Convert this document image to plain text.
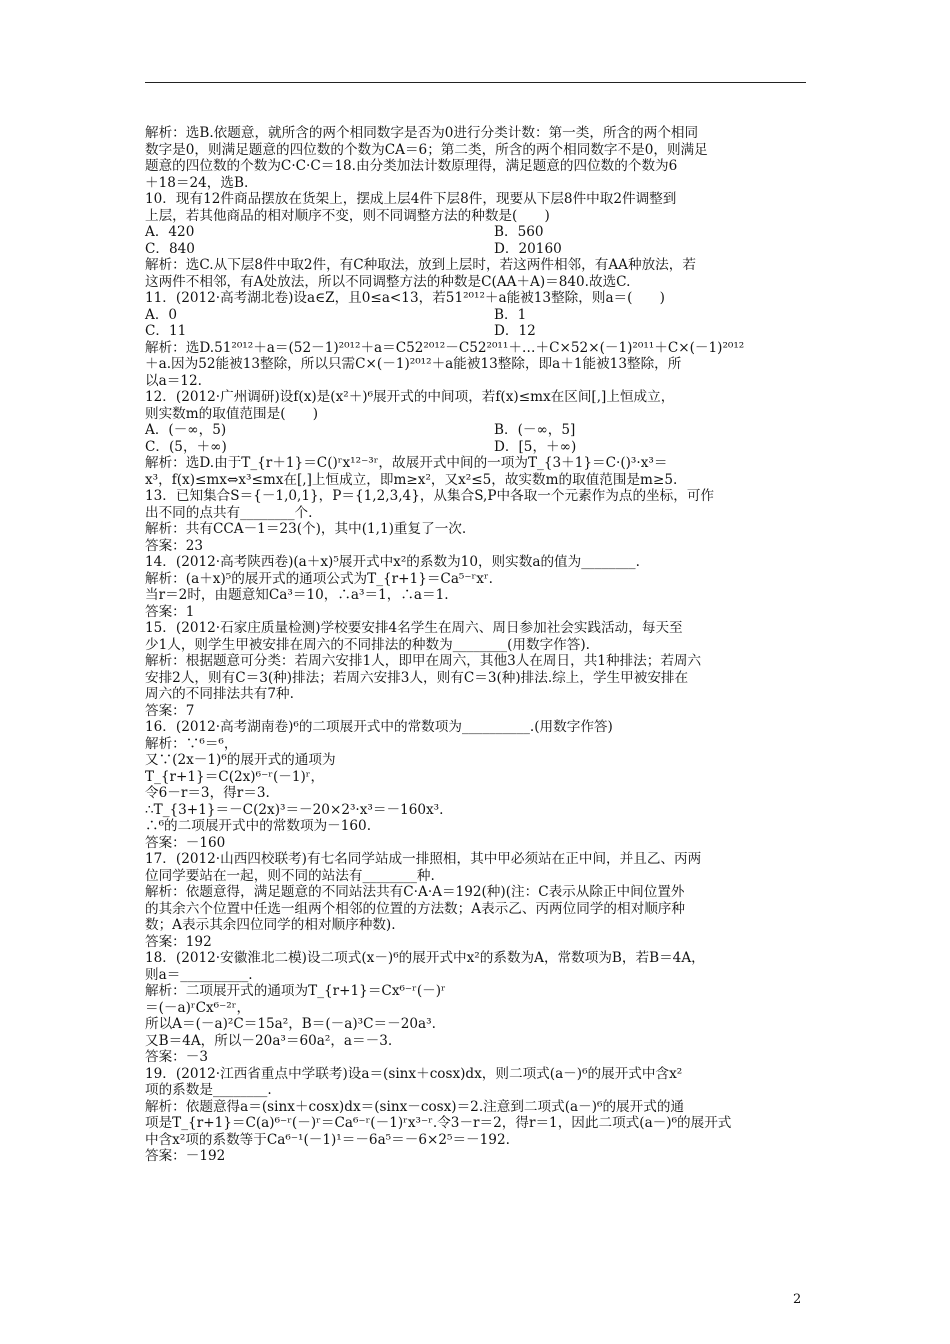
解析：选B.依题意，就所含的两个相同数字是否为0进行分类计数：第一类，所含的两个相同
数字是0，则满足题意的四位数的个数为CA＝6；第二类，所含的两个相同数字不是0，则满足
题意的四位数的个数为C·C·C＝18.由分类加法计数原理得，满足题意的四位数的个数为6
＋18＝24，选B.
10．现有12件商品摆放在货架上，摆成上层4件下层8件，现要从下层8件中取2件调整到
上层，若其他商品的相对顺序不变，则不同调整方法的种数是(　　)
A．420	B．560
C．840	D．20160
解析：选C.从下层8件中取2件，有C种取法，放到上层时，若这两件相邻，有AA种放法，若
这两件不相邻，有A处放法，所以不同调整方法的种数是C(AA＋A)＝840.故选C.
11．(2012·高考湖北卷)设a∈Z，且0≤a<13，若51²⁰¹²＋a能被13整除，则a＝(　　)
A．0	B．1
C．11	D．12
解析：选D.51²⁰¹²＋a＝(52－1)²⁰¹²＋a＝C52²⁰¹²－C52²⁰¹¹＋…＋C×52×(－1)²⁰¹¹＋C×(－1)²⁰¹²
＋a.因为52能被13整除，所以只需C×(－1)²⁰¹²＋a能被13整除，即a＋1能被13整除，所
以a＝12.
12．(2012·广州调研)设f(x)是(x²＋)⁶展开式的中间项，若f(x)≤mx在区间[,]上恒成立，
则实数m的取值范围是(　　)
A．(－∞，5)	B．(－∞，5]
C．(5，＋∞)	D．[5，＋∞)
解析：选D.由于T_{r＋1}＝C()ʳx¹²⁻³ʳ，故展开式中间的一项为T_{3＋1}＝C·()³·x³＝
x³，f(x)≤mx⇔x³≤mx在[,]上恒成立，即m≥x²，又x²≤5，故实数m的取值范围是m≥5.
13．已知集合S＝{－1,0,1}，P＝{1,2,3,4}，从集合S,P中各取一个元素作为点的坐标，可作
出不同的点共有________个.
解析：共有CCA－1＝23(个)，其中(1,1)重复了一次.
答案：23
14．(2012·高考陕西卷)(a＋x)⁵展开式中x²的系数为10，则实数a的值为________.
解析：(a＋x)⁵的展开式的通项公式为T_{r+1}＝Ca⁵⁻ʳxʳ.
当r＝2时，由题意知Ca³＝10，∴a³＝1，∴a＝1.
答案：1
15．(2012·石家庄质量检测)学校要安排4名学生在周六、周日参加社会实践活动，每天至
少1人，则学生甲被安排在周六的不同排法的种数为________(用数字作答).
解析：根据题意可分类：若周六安排1人，即甲在周六，其他3人在周日，共1种排法；若周六
安排2人，则有C＝3(种)排法；若周六安排3人，则有C＝3(种)排法.综上，学生甲被安排在
周六的不同排法共有7种.
答案：7
16．(2012·高考湖南卷)⁶的二项展开式中的常数项为__________.(用数字作答)
解析：∵⁶＝⁶，
又∵(2x－1)⁶的展开式的通项为
T_{r+1}＝C(2x)⁶⁻ʳ(－1)ʳ，
令6－r＝3，得r＝3.
∴T_{3+1}＝－C(2x)³＝－20×2³·x³＝－160x³.
∴⁶的二项展开式中的常数项为－160.
答案：－160
17．(2012·山西四校联考)有七名同学站成一排照相，其中甲必须站在正中间，并且乙、丙两
位同学要站在一起，则不同的站法有________种.
解析：依题意得，满足题意的不同站法共有C·A·A＝192(种)(注：C表示从除正中间位置外
的其余六个位置中任选一组两个相邻的位置的方法数；A表示乙、丙两位同学的相对顺序种
数；A表示其余四位同学的相对顺序种数).
答案：192
18．(2012·安徽淮北二模)设二项式(x－)⁶的展开式中x²的系数为A，常数项为B，若B＝4A，
则a＝__________.
解析：二项展开式的通项为T_{r+1}＝Cx⁶⁻ʳ(－)ʳ
＝(－a)ʳCx⁶⁻²ʳ，
所以A＝(－a)²C＝15a²，B＝(－a)³C＝－20a³.
又B＝4A，所以－20a³＝60a²，a＝－3.
答案：－3
19．(2012·江西省重点中学联考)设a＝(sinx＋cosx)dx，则二项式(a－)⁶的展开式中含x²
项的系数是________.
解析：依题意得a＝(sinx＋cosx)dx＝(sinx－cosx)＝2.注意到二项式(a－)⁶的展开式的通
项是T_{r+1}＝C(a)⁶⁻ʳ(－)ʳ＝Ca⁶⁻ʳ(－1)ʳx³⁻ʳ.令3－r＝2，得r＝1，因此二项式(a－)⁶的展开式
中含x²项的系数等于Ca⁶⁻¹(－1)¹＝－6a⁵＝－6×2⁵＝－192.
答案：－192
2
